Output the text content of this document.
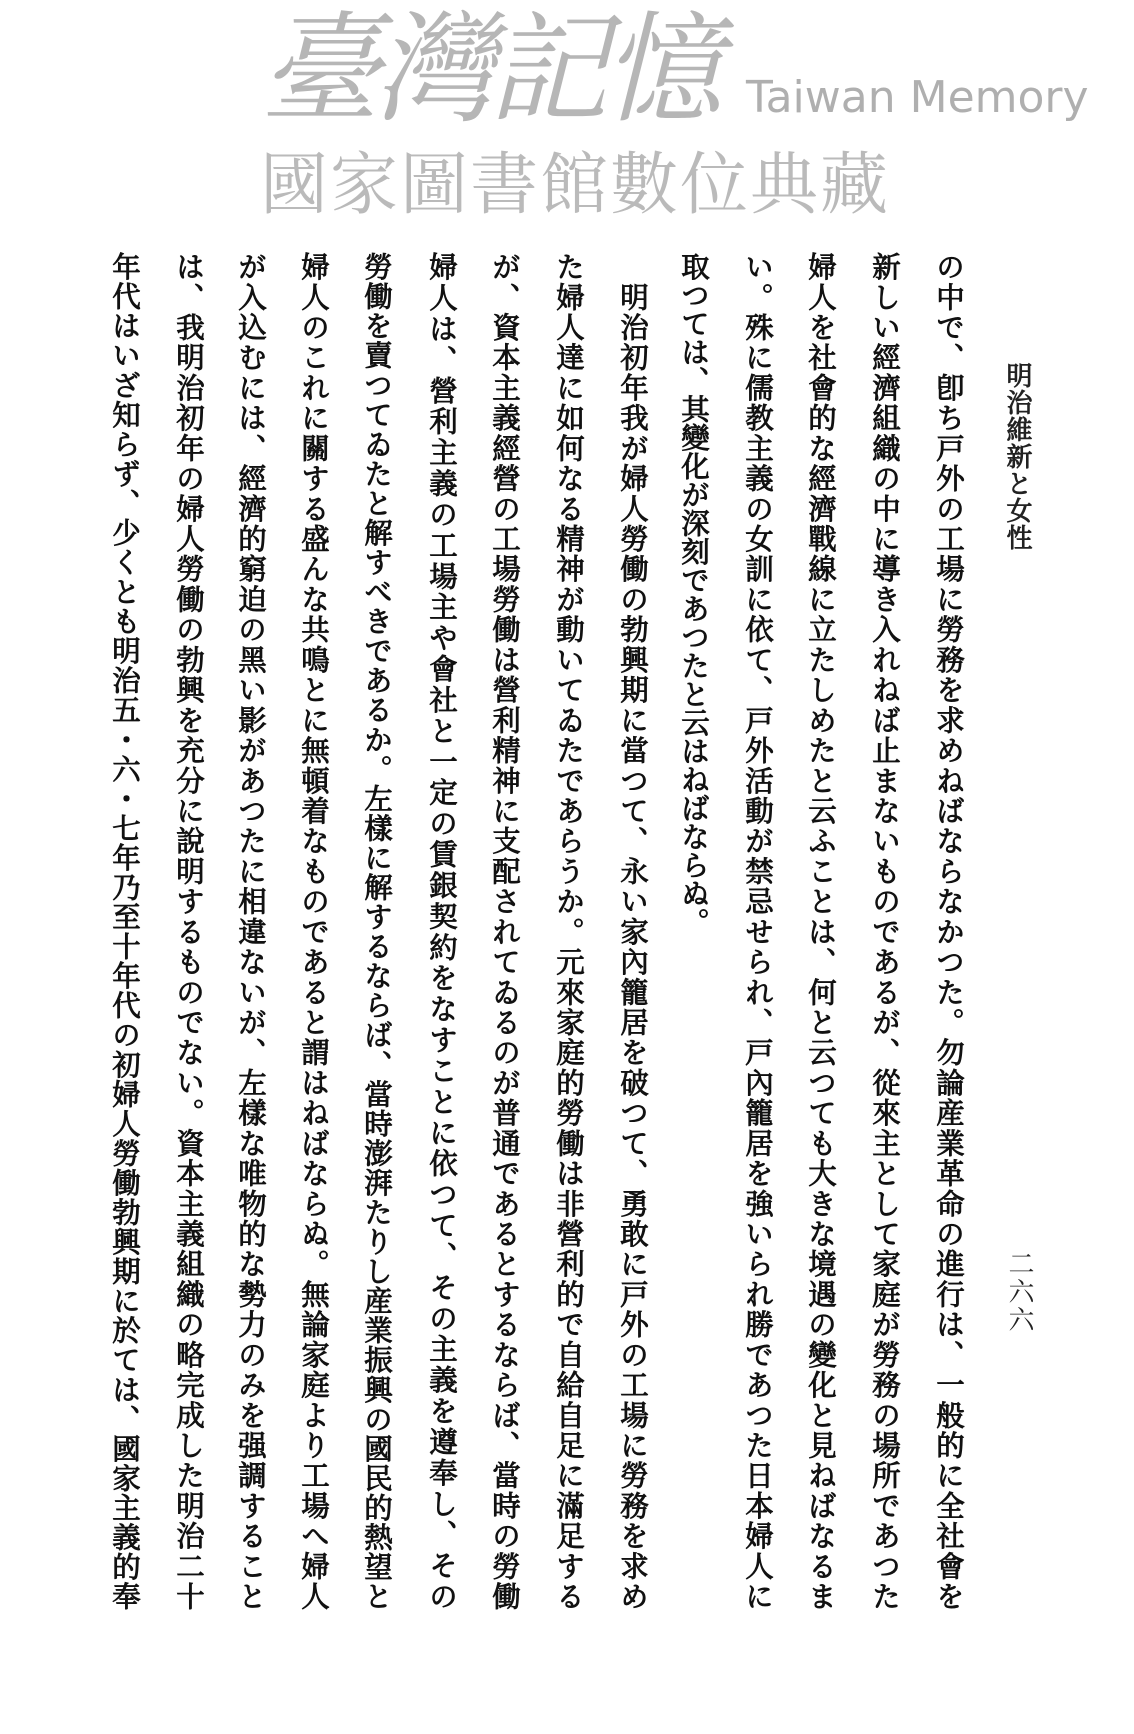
明治維新と女性
二六六
の中で、卽ち戸外の工場に勞務を求めねばならなかつた。勿論産業革命の進行は、一般的に全社會を
新しい經濟組織の中に導き入れねば止まないものであるが、從來主として家庭が勞務の場所であつた
婦人を社會的な經濟戰線に立たしめたと云ふことは、何と云つても大きな境遇の變化と見ねばなるま
い。殊に儒教主義の女訓に依て、戸外活動が禁忌せられ、戸內籠居を強いられ勝であつた日本婦人に
取つては、其變化が深刻であつたと云はねばならぬ。
　明治初年我が婦人勞働の勃興期に當つて、永い家內籠居を破つて、勇敢に戸外の工場に勞務を求め
た婦人達に如何なる精神が動いてゐたであらうか。元來家庭的勞働は非營利的で自給自足に滿足する
が、資本主義經營の工場勞働は營利精神に支配されてゐるのが普通であるとするならば、當時の勞働
婦人は、營利主義の工場主や會社と一定の賃銀契約をなすことに依つて、その主義を遵奉し、その
勞働を賣つてゐたと解すべきであるか。左樣に解するならば、當時澎湃たりし産業振興の國民的熱望と
婦人のこれに關する盛んな共鳴とに無頓着なものであると謂はねばならぬ。無論家庭より工場へ婦人
が入込むには、經濟的窮迫の黑い影があつたに相違ないが、左樣な唯物的な勢力のみを强調すること
は、我明治初年の婦人勞働の勃興を充分に說明するものでない。資本主義組織の略完成した明治二十
年代はいざ知らず、少くとも明治五・六・七年乃至十年代の初婦人勞働勃興期に於ては、國家主義的奉
臺灣記憶 Taiwan Memory
國家圖書館數位典藏
